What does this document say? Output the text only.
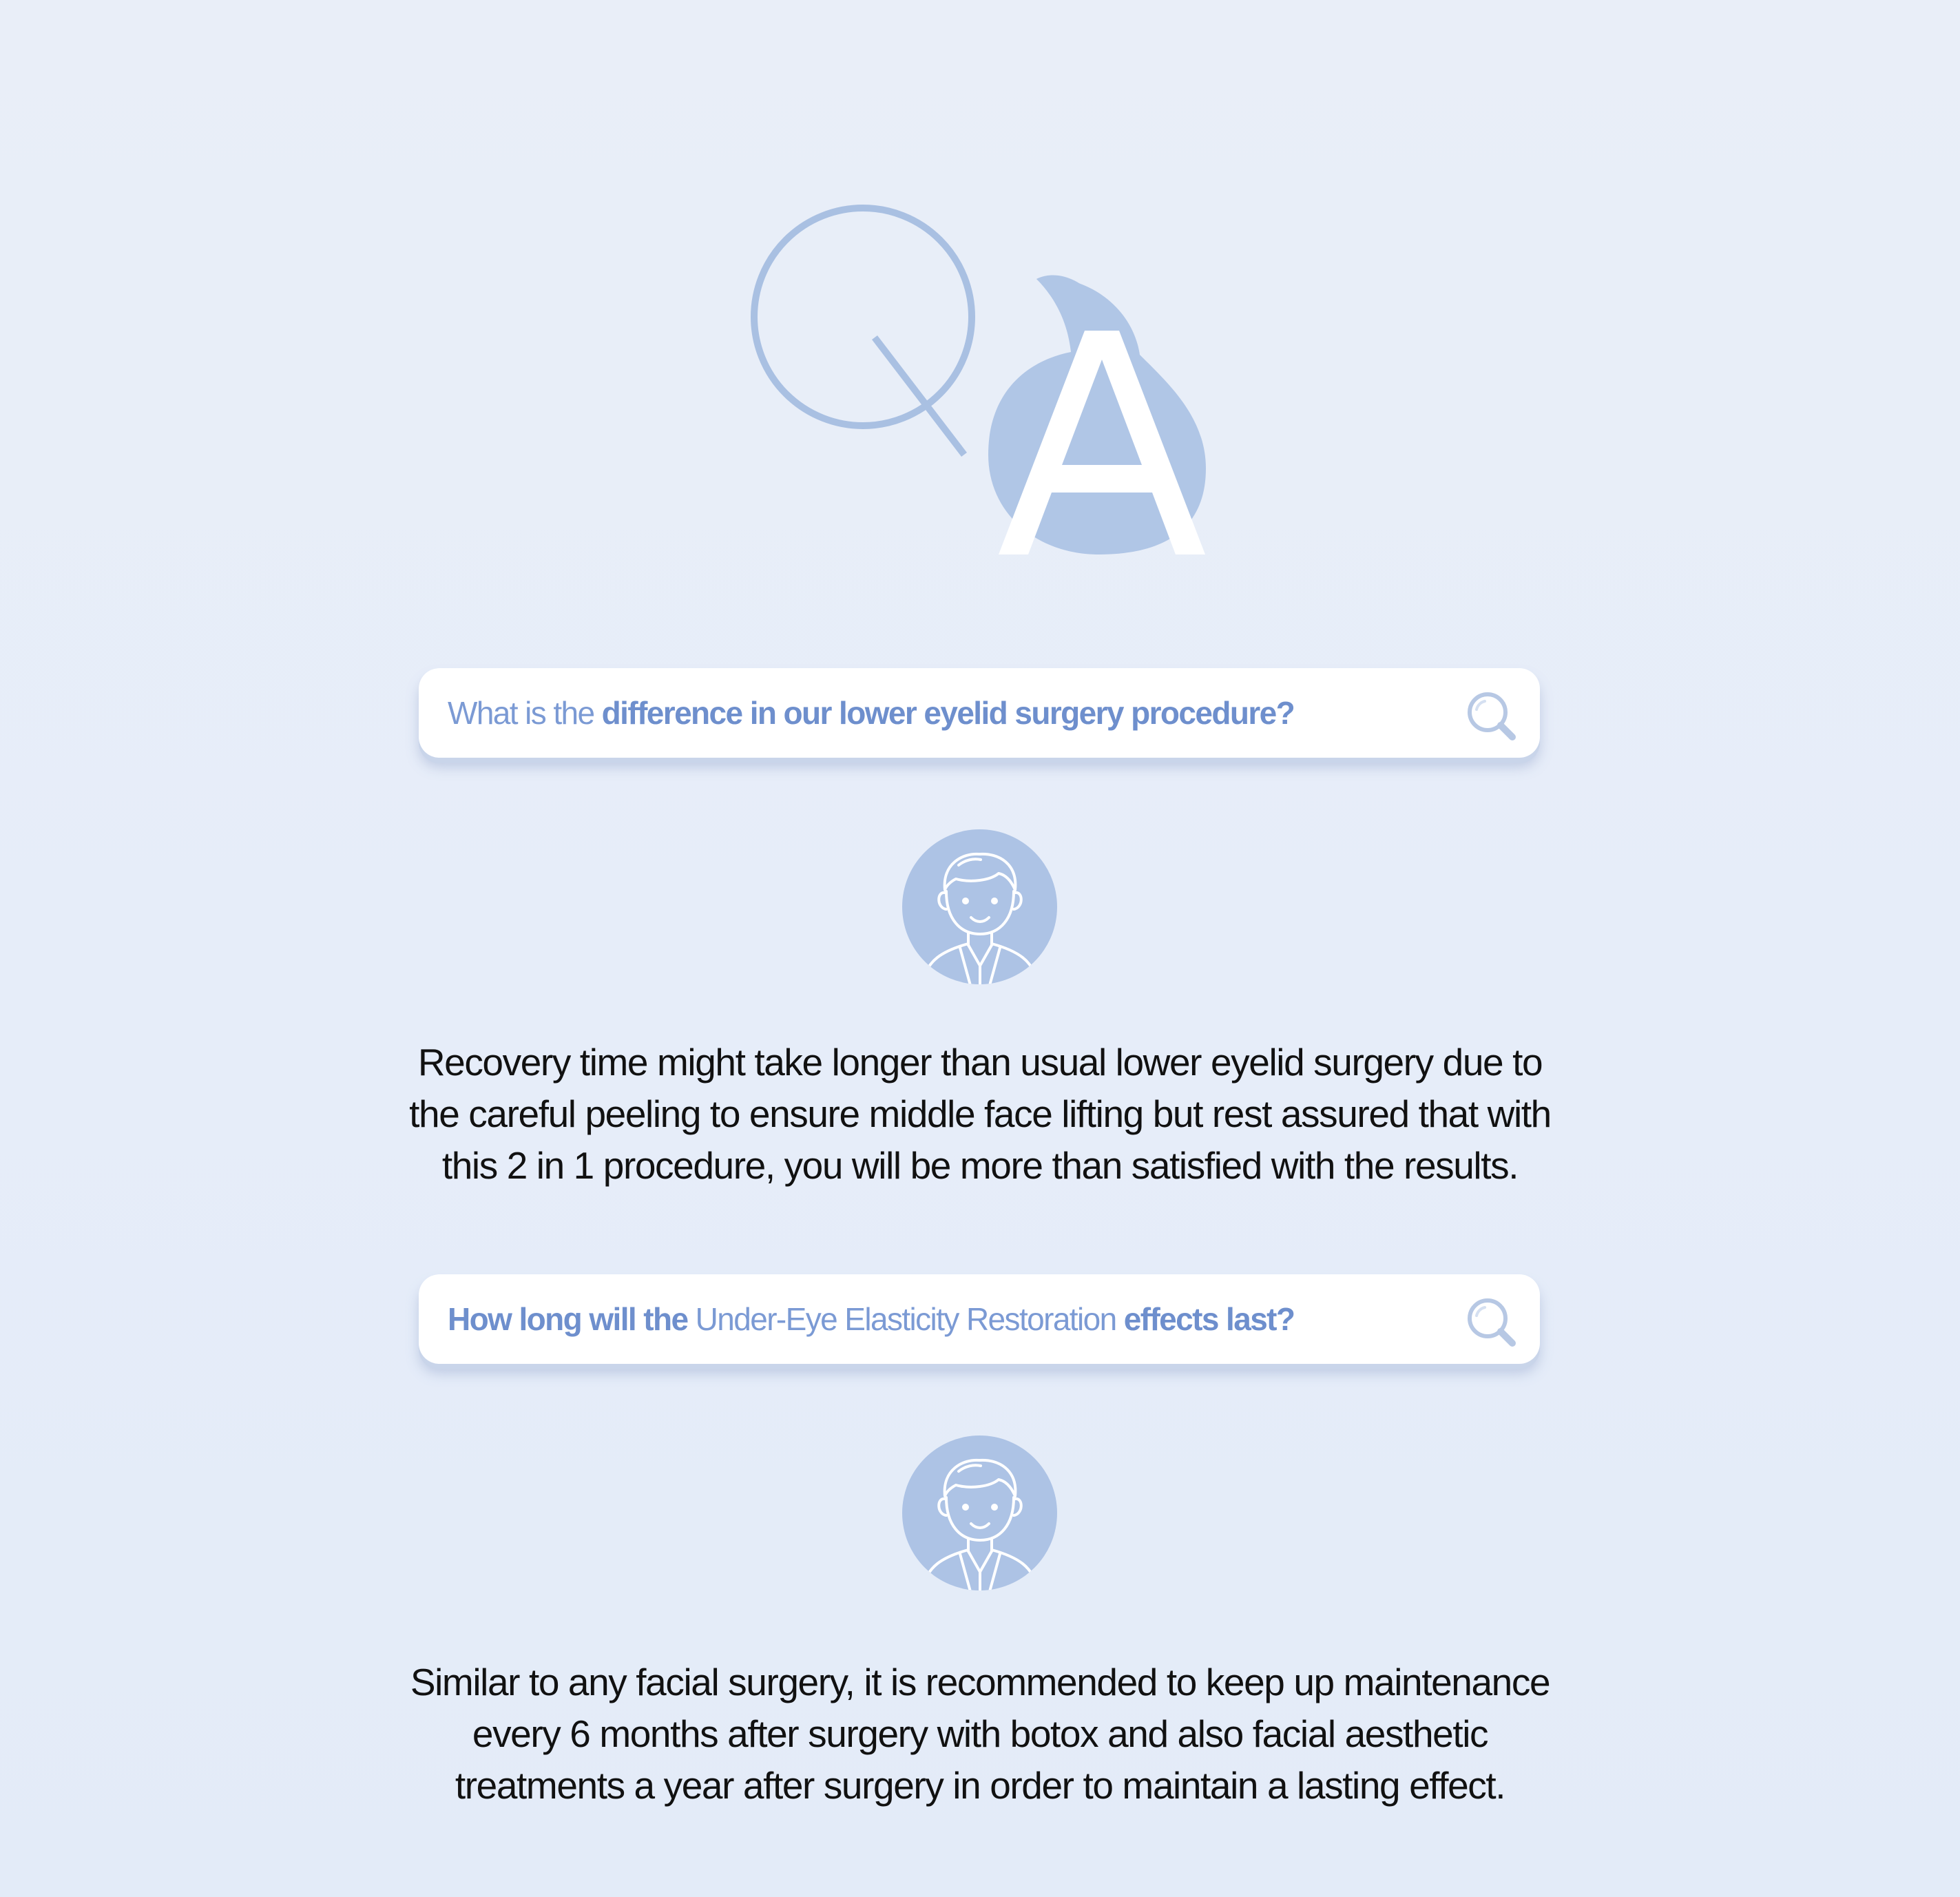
What is the difference in our lower eyelid surgery procedure?
Recovery time might take longer than usual lower eyelid surgery due to
the careful peeling to ensure middle face lifting but rest assured that with
this 2 in 1 procedure, you will be more than satisfied with the results.
How long will the Under-Eye Elasticity Restoration effects last?
Similar to any facial surgery, it is recommended to keep up maintenance
every 6 months after surgery with botox and also facial aesthetic
treatments a year after surgery in order to maintain a lasting effect.
